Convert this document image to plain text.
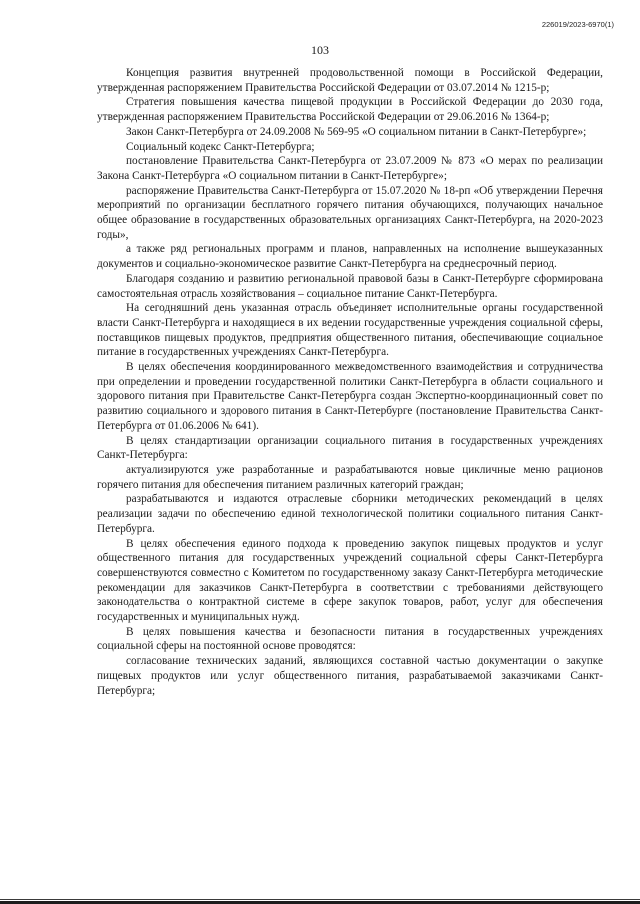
226019/2023-6970(1)
103

Концепция развития внутренней продовольственной помощи в Российской Федерации, утвержденная распоряжением Правительства Российской Федерации от 03.07.2014 № 1215-р;

Стратегия повышения качества пищевой продукции в Российской Федерации до 2030 года, утвержденная распоряжением Правительства Российской Федерации от 29.06.2016 № 1364-р;

Закон Санкт-Петербурга от 24.09.2008 № 569-95 «О социальном питании в Санкт-Петербурге»;

Социальный кодекс Санкт-Петербурга;

постановление Правительства Санкт-Петербурга от 23.07.2009 № 873 «О мерах по реализации Закона Санкт-Петербурга «О социальном питании в Санкт-Петербурге»;

распоряжение Правительства Санкт-Петербурга от 15.07.2020 № 18-рп «Об утверждении Перечня мероприятий по организации бесплатного горячего питания обучающихся, получающих начальное общее образование в государственных образовательных организациях Санкт-Петербурга, на 2020-2023 годы»,

а также ряд региональных программ и планов, направленных на исполнение вышеуказанных документов и социально-экономическое развитие Санкт-Петербурга на среднесрочный период.

Благодаря созданию и развитию региональной правовой базы в Санкт-Петербурге сформирована самостоятельная отрасль хозяйствования – социальное питание Санкт-Петербурга.

На сегодняшний день указанная отрасль объединяет исполнительные органы государственной власти Санкт-Петербурга и находящиеся в их ведении государственные учреждения социальной сферы, поставщиков пищевых продуктов, предприятия общественного питания, обеспечивающие социальное питание в государственных учреждениях Санкт-Петербурга.

В целях обеспечения координированного межведомственного взаимодействия и сотрудничества при определении и проведении государственной политики Санкт-Петербурга в области социального и здорового питания при Правительстве Санкт-Петербурга создан Экспертно-координационный совет по развитию социального и здорового питания в Санкт-Петербурге (постановление Правительства Санкт-Петербурга от 01.06.2006 № 641).

В целях стандартизации организации социального питания в государственных учреждениях Санкт-Петербурга:

актуализируются уже разработанные и разрабатываются новые цикличные меню рационов горячего питания для обеспечения питанием различных категорий граждан;

разрабатываются и издаются отраслевые сборники методических рекомендаций в целях реализации задачи по обеспечению единой технологической политики социального питания Санкт-Петербурга.

В целях обеспечения единого подхода к проведению закупок пищевых продуктов и услуг общественного питания для государственных учреждений социальной сферы Санкт-Петербурга совершенствуются совместно с Комитетом по государственному заказу Санкт-Петербурга методические рекомендации для заказчиков Санкт-Петербурга в соответствии с требованиями действующего законодательства о контрактной системе в сфере закупок товаров, работ, услуг для обеспечения государственных и муниципальных нужд.

В целях повышения качества и безопасности питания в государственных учреждениях социальной сферы на постоянной основе проводятся:

согласование технических заданий, являющихся составной частью документации о закупке пищевых продуктов или услуг общественного питания, разрабатываемой заказчиками Санкт-Петербурга;
